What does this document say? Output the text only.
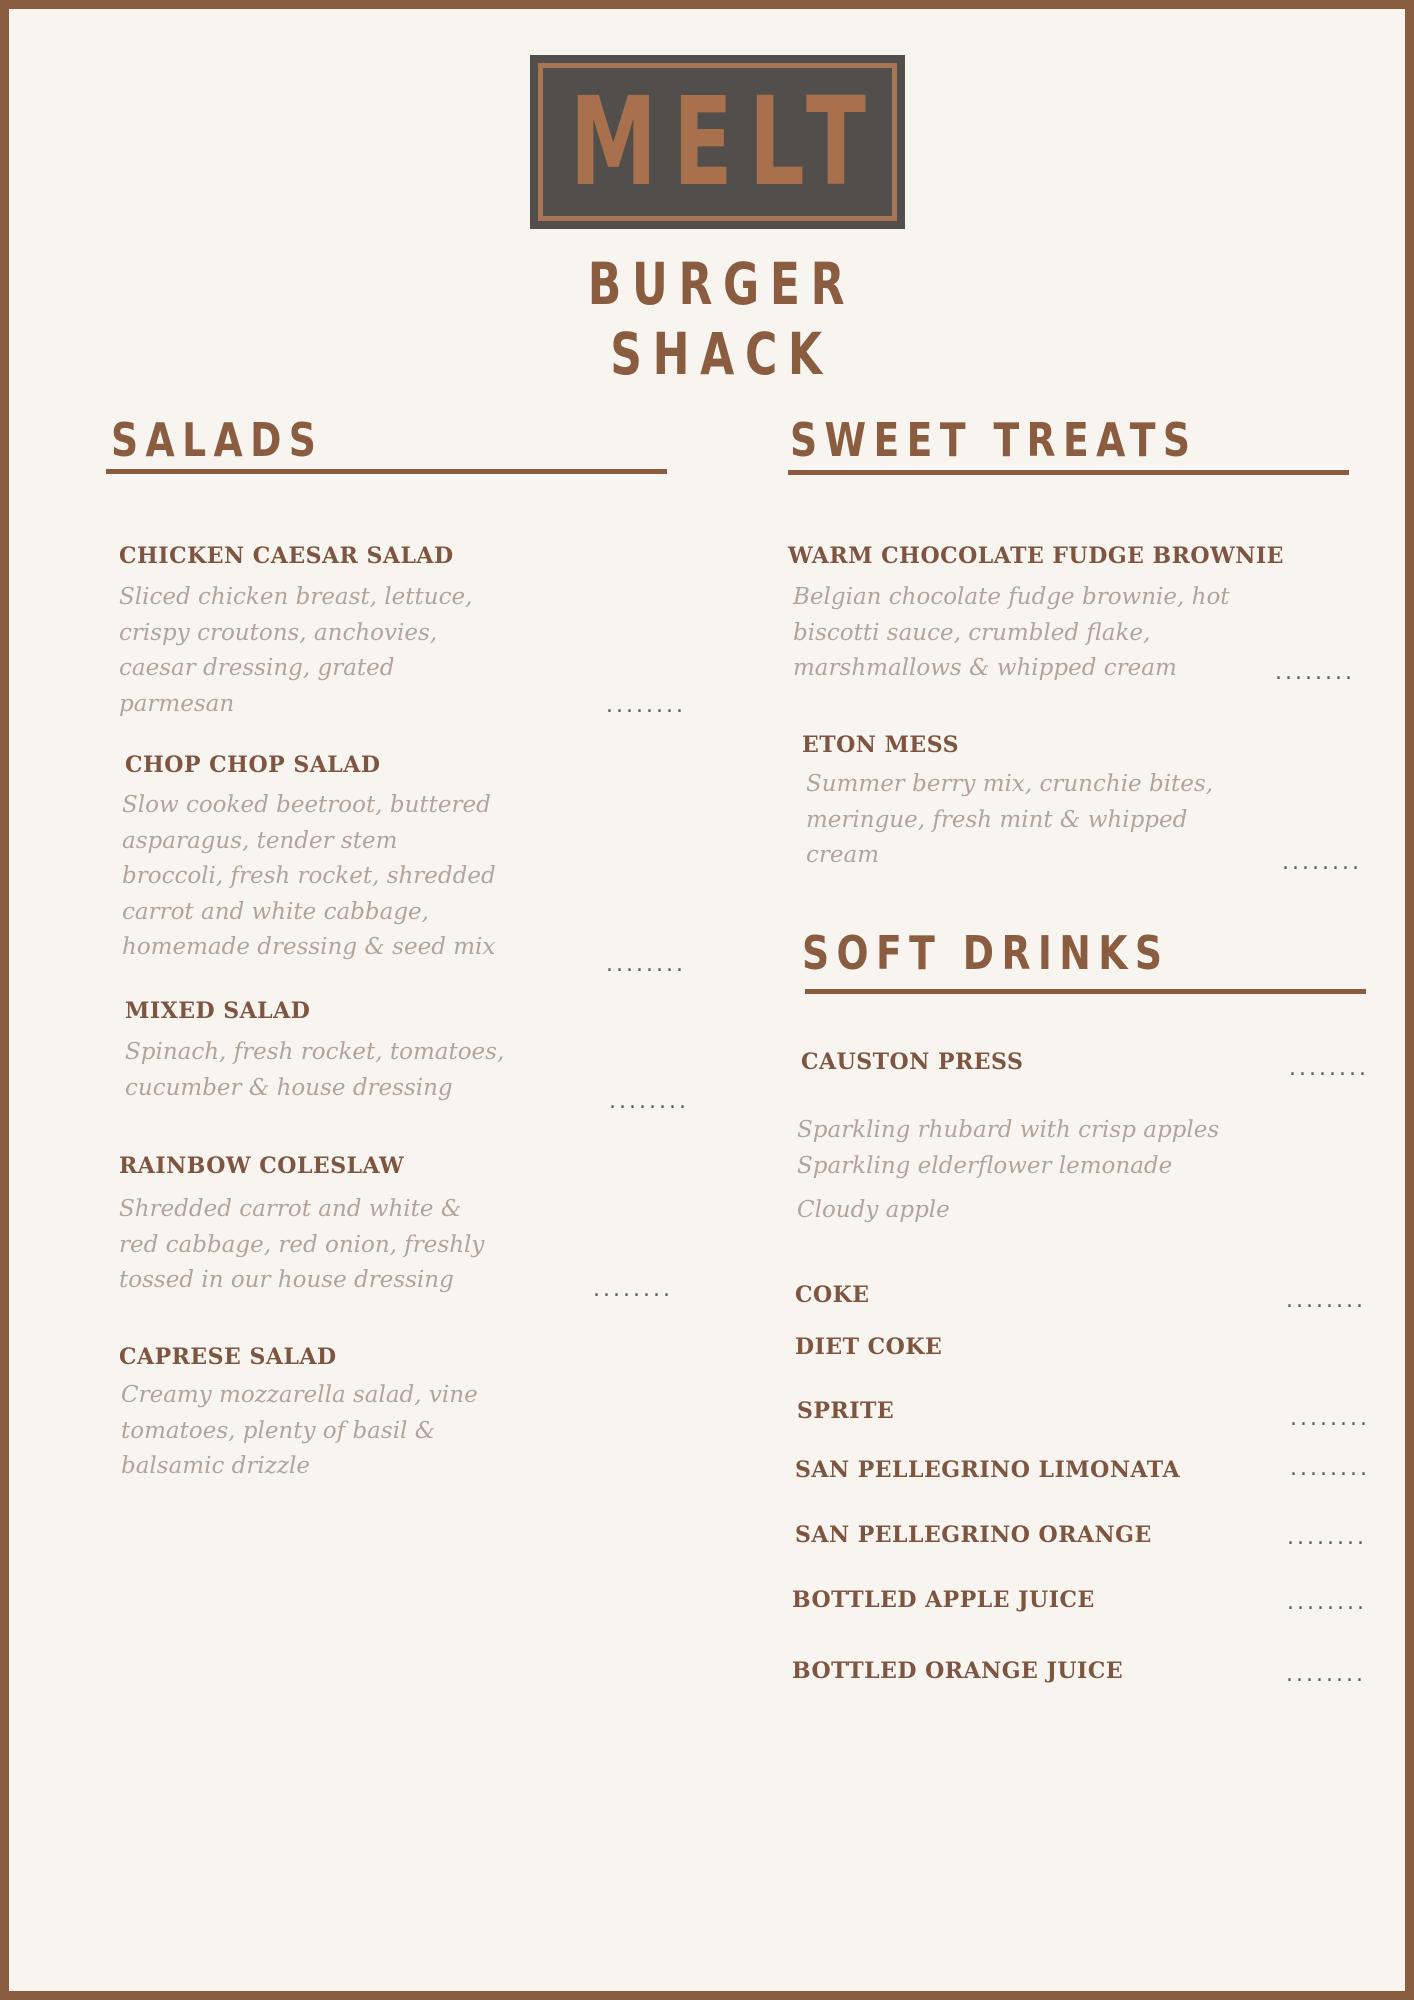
MELT
BURGER SHACK
SALADS
CHICKEN CAESAR SALAD
Sliced chicken breast, lettuce,
crispy croutons, anchovies,
caesar dressing, grated
parmesan	........
CHOP CHOP SALAD
Slow cooked beetroot, buttered
asparagus, tender stem
broccoli, fresh rocket, shredded
carrot and white cabbage,
homemade dressing & seed mix
........
MIXED SALAD
Spinach, fresh rocket, tomatoes,
cucumber & house dressing
........
RAINBOW COLESLAW
Shredded carrot and white &
red cabbage, red onion, freshly
tossed in our house dressing	........
CAPRESE SALAD
Creamy mozzarella salad, vine
tomatoes, plenty of basil &
balsamic drizzle
SWEET TREATS
WARM CHOCOLATE FUDGE BROWNIE
Belgian chocolate fudge brownie, hot
biscotti sauce, crumbled flake,
marshmallows & whipped cream	........
ETON MESS
Summer berry mix, crunchie bites,
meringue, fresh mint & whipped
cream	........
SOFT DRINKS
CAUSTON PRESS	........
Sparkling rhubard with crisp apples
Sparkling elderflower lemonade
Cloudy apple
COKE	........
DIET COKE
SPRITE	........
SAN PELLEGRINO LIMONATA	........
SAN PELLEGRINO ORANGE	........
BOTTLED APPLE JUICE	........
BOTTLED ORANGE JUICE	........
